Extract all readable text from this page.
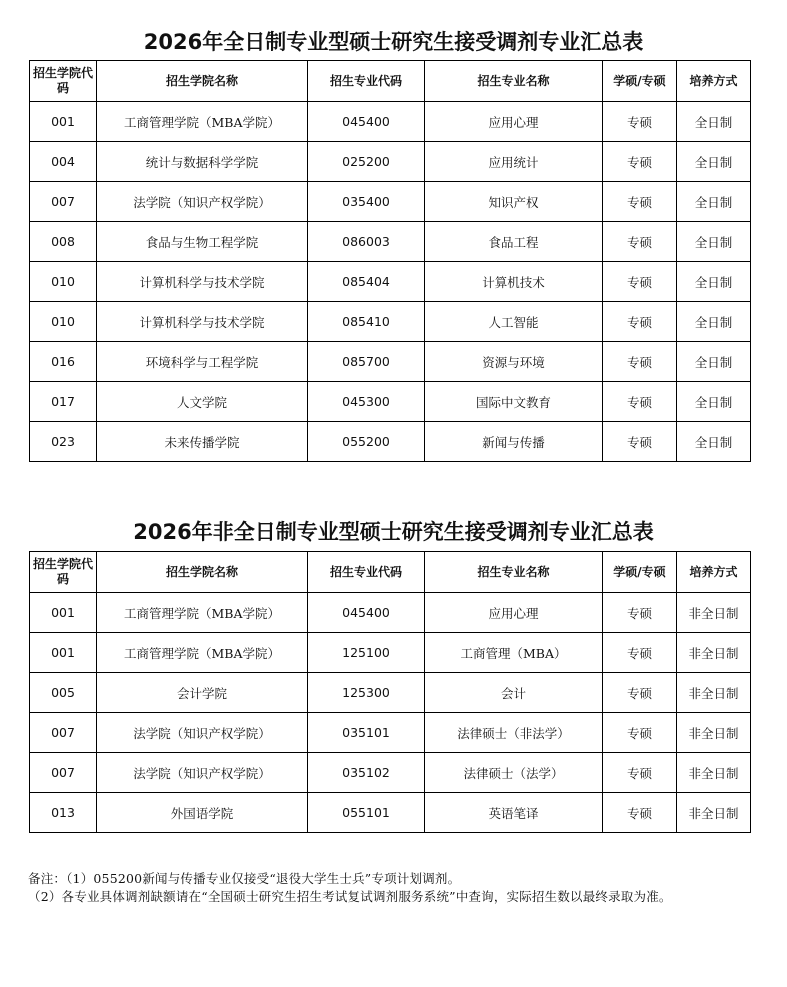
2026年全日制专业型硕士研究生接受调剂专业汇总表
招生学院代码	招生学院名称	招生专业代码	招生专业名称	学硕/专硕	培养方式
001	工商管理学院（MBA学院）	045400	应用心理	专硕	全日制
004	统计与数据科学学院	025200	应用统计	专硕	全日制
007	法学院（知识产权学院）	035400	知识产权	专硕	全日制
008	食品与生物工程学院	086003	食品工程	专硕	全日制
010	计算机科学与技术学院	085404	计算机技术	专硕	全日制
010	计算机科学与技术学院	085410	人工智能	专硕	全日制
016	环境科学与工程学院	085700	资源与环境	专硕	全日制
017	人文学院	045300	国际中文教育	专硕	全日制
023	未来传播学院	055200	新闻与传播	专硕	全日制
2026年非全日制专业型硕士研究生接受调剂专业汇总表
招生学院代码	招生学院名称	招生专业代码	招生专业名称	学硕/专硕	培养方式
001	工商管理学院（MBA学院）	045400	应用心理	专硕	非全日制
001	工商管理学院（MBA学院）	125100	工商管理（MBA）	专硕	非全日制
005	会计学院	125300	会计	专硕	非全日制
007	法学院（知识产权学院）	035101	法律硕士（非法学）	专硕	非全日制
007	法学院（知识产权学院）	035102	法律硕士（法学）	专硕	非全日制
013	外国语学院	055101	英语笔译	专硕	非全日制
备注：（1）055200新闻与传播专业仅接受“退役大学生士兵”专项计划调剂。
（2）各专业具体调剂缺额请在“全国硕士研究生招生考试复试调剂服务系统”中查询，实际招生数以最终录取为准。
